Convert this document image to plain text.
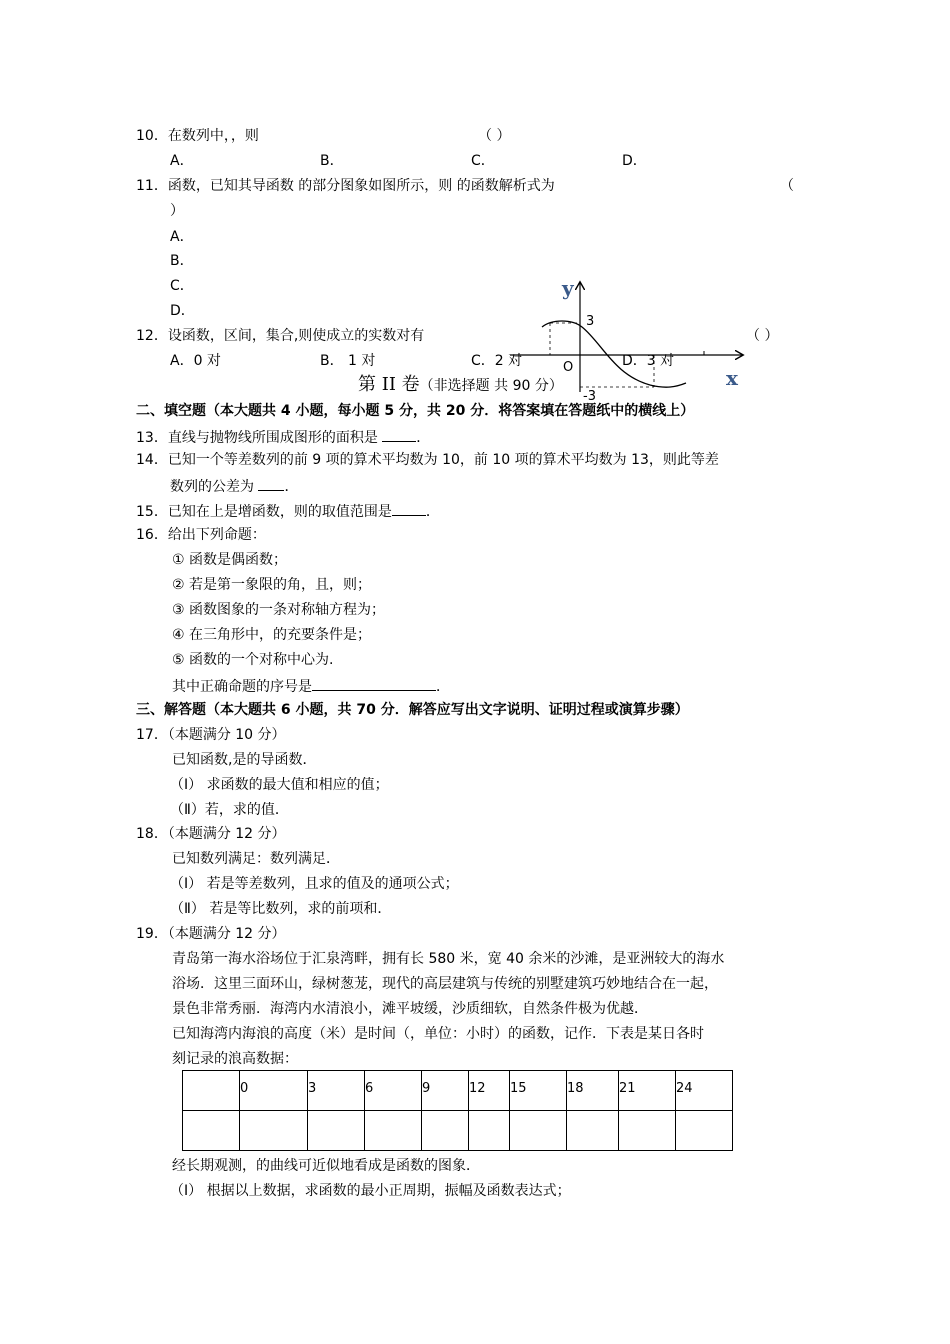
10．在数列中，，则	（ ）
A．	B．	C．	D．
11．函数，已知其导函数 的部分图象如图所示，则 的函数解析式为	（
）
A．
B．
C．
D．
12．设函数，区间，集合,则使成立的实数对有	（ ）
A．0 对	B． 1 对	C．2 对	D．3 对
y
x
O
3
-3
第 II 卷（非选择题 共 90 分）
二、填空题（本大题共 4 小题，每小题 5 分，共 20 分．将答案填在答题纸中的横线上）
13．直线与抛物线所围成图形的面积是	．
14．已知一个等差数列的前 9 项的算术平均数为 10，前 10 项的算术平均数为 13，则此等差
数列的公差为 ．
15．已知在上是增函数，则的取值范围是 ．
16．给出下列命题：
① 函数是偶函数；
② 若是第一象限的角，且，则；
③ 函数图象的一条对称轴方程为；
④ 在三角形中，的充要条件是；
⑤ 函数的一个对称中心为.
其中正确命题的序号是	．
三、解答题（本大题共 6 小题，共 70 分．解答应写出文字说明、证明过程或演算步骤）
17．（本题满分 10 分）
已知函数,是的导函数．
（Ⅰ） 求函数的最大值和相应的值；
（Ⅱ）若，求的值．
18．（本题满分 12 分）
已知数列满足：数列满足．
（Ⅰ） 若是等差数列，且求的值及的通项公式；
（Ⅱ） 若是等比数列，求的前项和．
19．（本题满分 12 分）
青岛第一海水浴场位于汇泉湾畔，拥有长 580 米，宽 40 余米的沙滩，是亚洲较大的海水
浴场．这里三面环山，绿树葱茏，现代的高层建筑与传统的别墅建筑巧妙地结合在一起，
景色非常秀丽．海湾内水清浪小，滩平坡缓，沙质细软，自然条件极为优越．
已知海湾内海浪的高度（米）是时间（，单位：小时）的函数，记作．下表是某日各时
刻记录的浪高数据：
	0	3	6	9	12	15	18	21	24

经长期观测，的曲线可近似地看成是函数的图象．
（Ⅰ） 根据以上数据，求函数的最小正周期，振幅及函数表达式；
